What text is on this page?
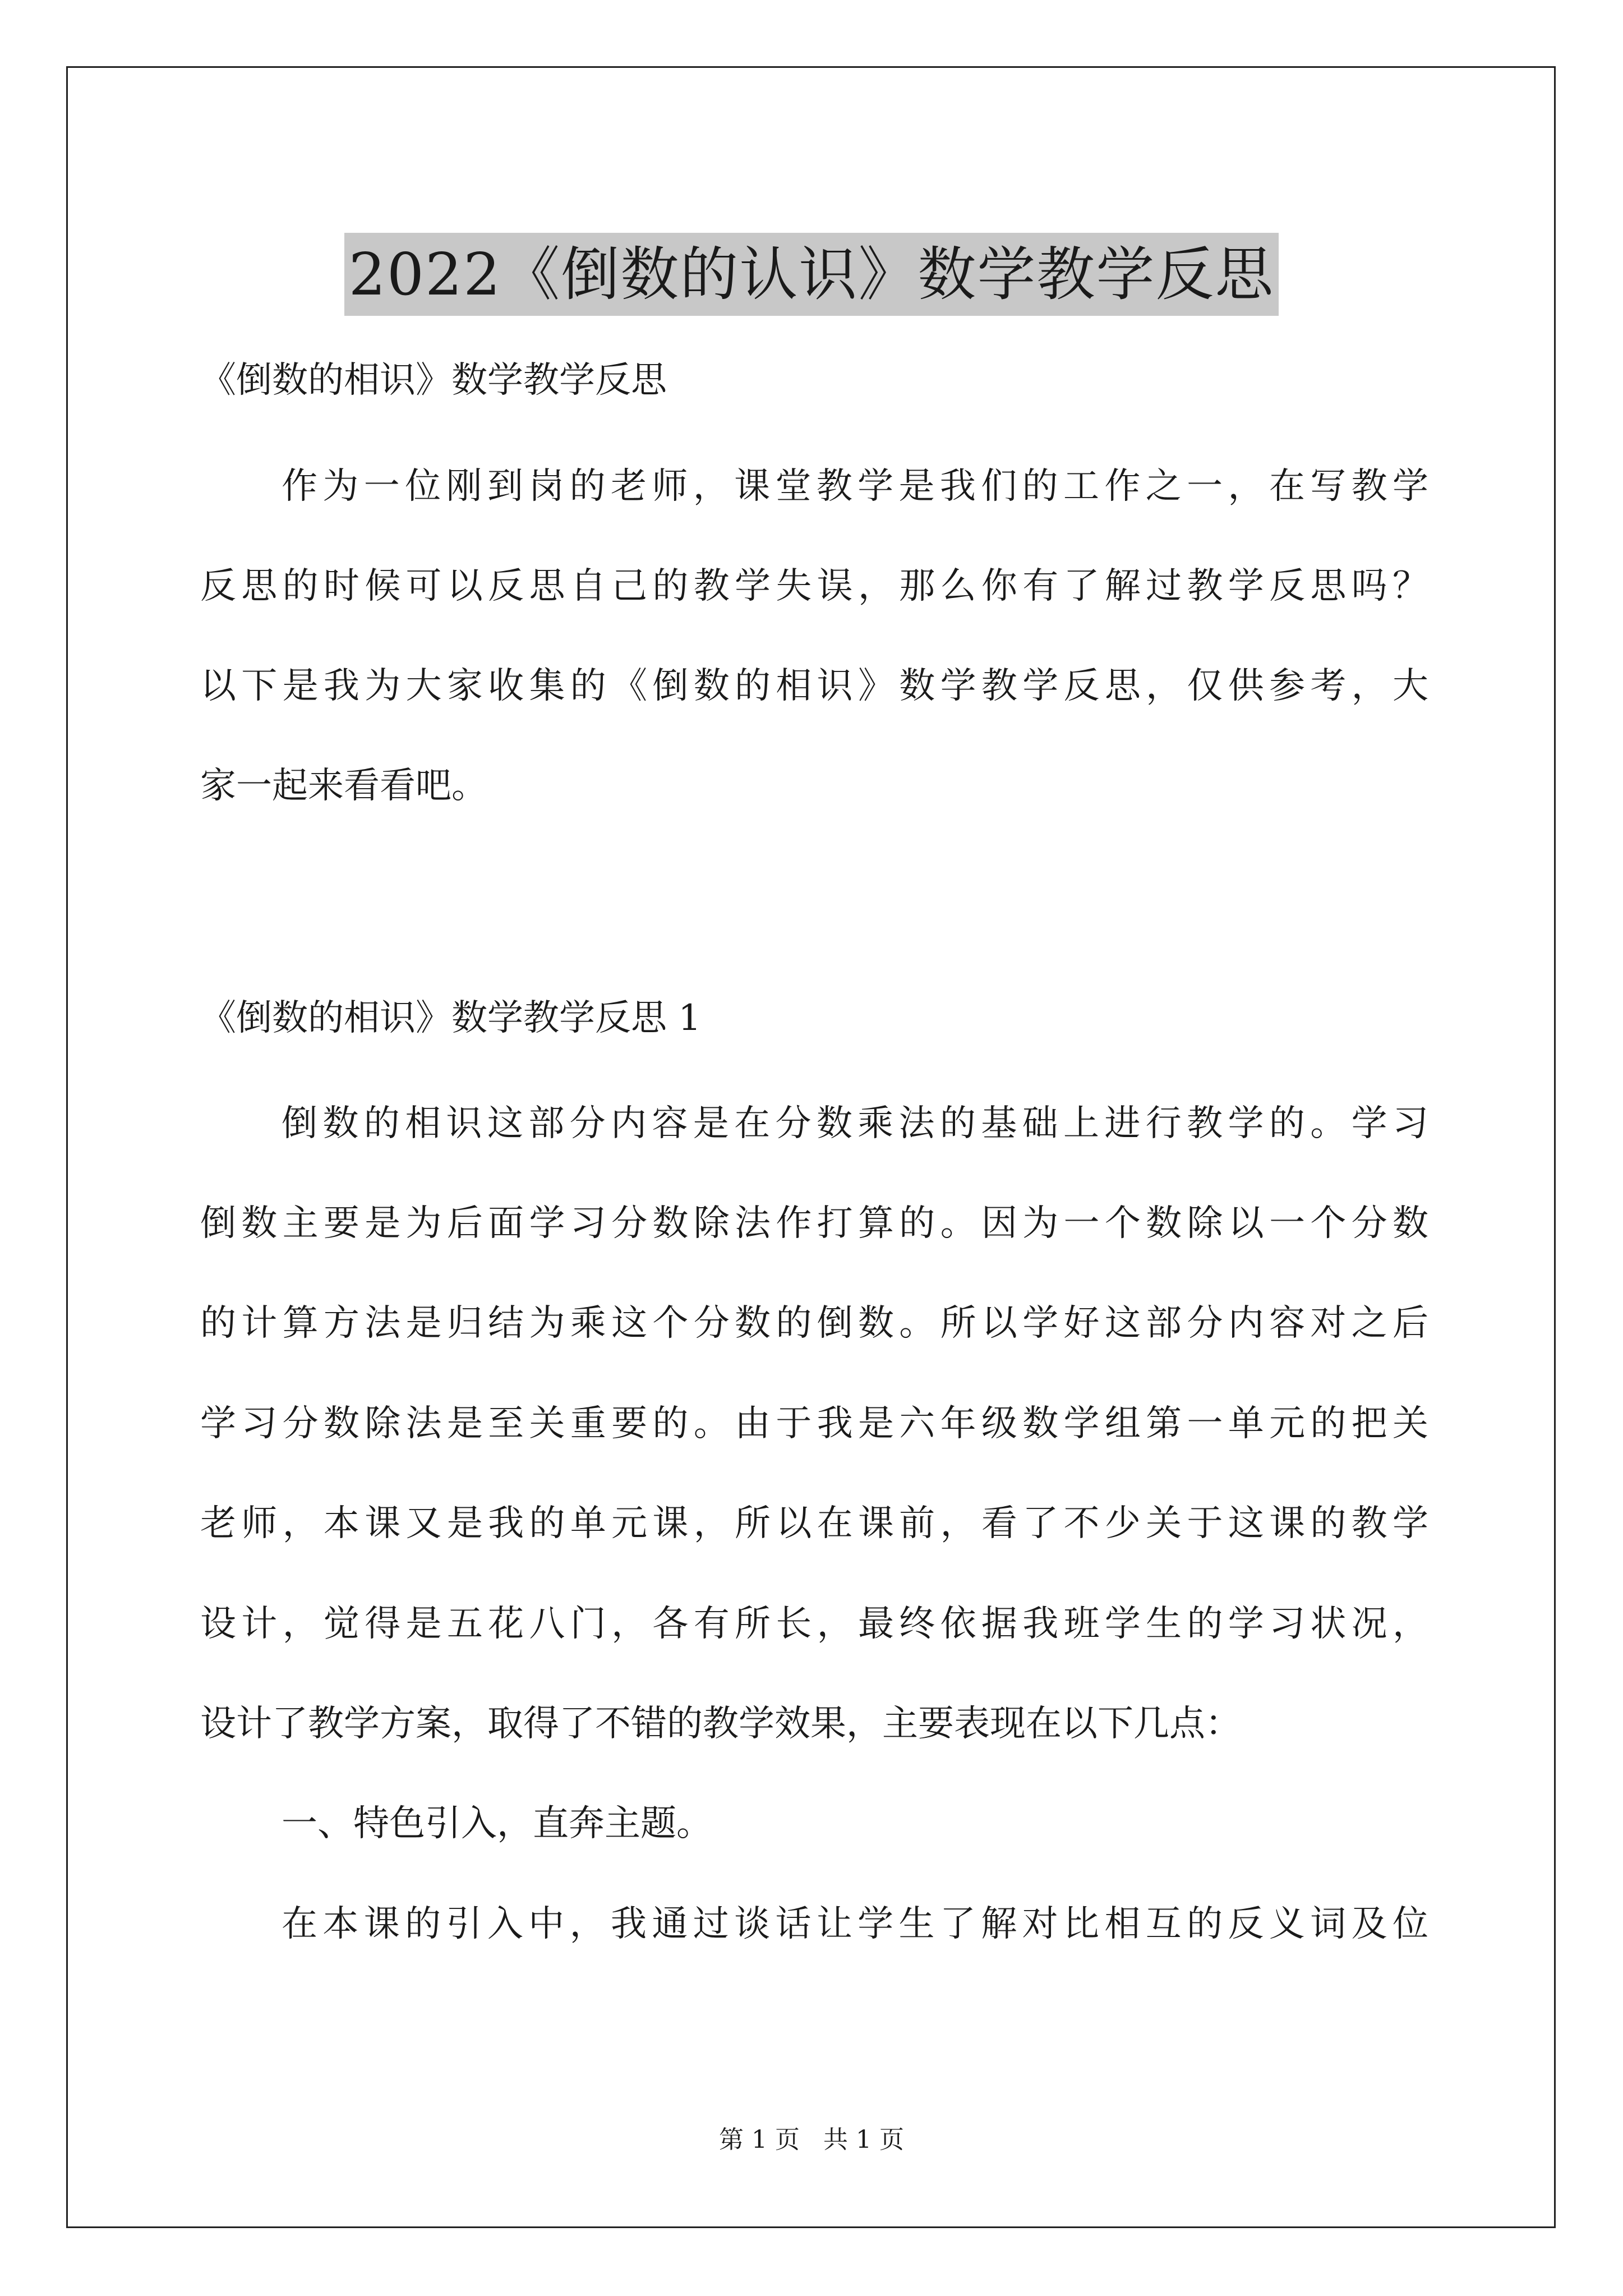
2022《倒数的认识》数学教学反思
《倒数的相识》数学教学反思
作为一位刚到岗的老师，课堂教学是我们的工作之一，在写教学
反思的时候可以反思自己的教学失误，那么你有了解过教学反思吗？
以下是我为大家收集的《倒数的相识》数学教学反思，仅供参考，大
家一起来看看吧。
《倒数的相识》数学教学反思 1
倒数的相识这部分内容是在分数乘法的基础上进行教学的。学习
倒数主要是为后面学习分数除法作打算的。因为一个数除以一个分数
的计算方法是归结为乘这个分数的倒数。所以学好这部分内容对之后
学习分数除法是至关重要的。由于我是六年级数学组第一单元的把关
老师，本课又是我的单元课，所以在课前，看了不少关于这课的教学
设计，觉得是五花八门，各有所长，最终依据我班学生的学习状况，
设计了教学方案，取得了不错的教学效果，主要表现在以下几点：
一、特色引入，直奔主题。
在本课的引入中，我通过谈话让学生了解对比相互的反义词及位
第 1 页 共 1 页
